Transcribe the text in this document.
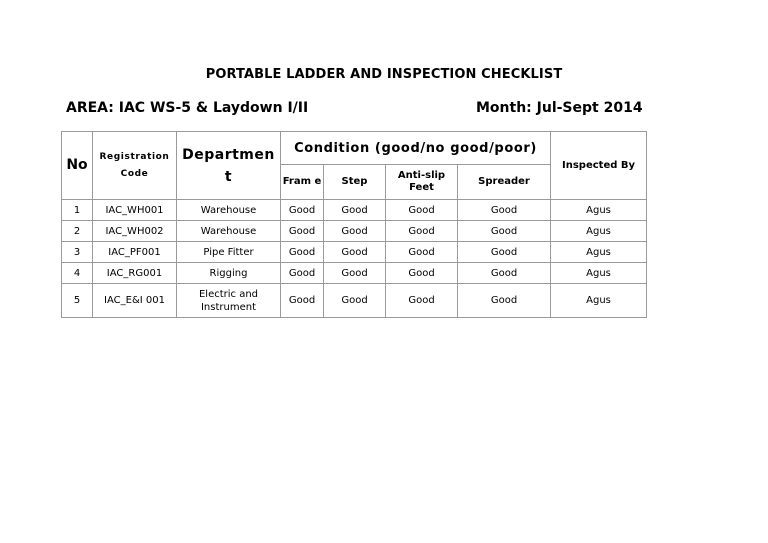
PORTABLE LADDER AND INSPECTION CHECKLIST
AREA: IAC WS-5 & Laydown I/II	Month: Jul-Sept 2014
No	Registration Code	Departmen t	Condition (good/no good/poor)				Inspected By
			Fram e	Step	Anti-slip Feet	Spreader	
1	IAC_WH001	Warehouse	Good	Good	Good	Good	Agus
2	IAC_WH002	Warehouse	Good	Good	Good	Good	Agus
3	IAC_PF001	Pipe Fitter	Good	Good	Good	Good	Agus
4	IAC_RG001	Rigging	Good	Good	Good	Good	Agus
5	IAC_E&I 001	Electric and Instrument	Good	Good	Good	Good	Agus
